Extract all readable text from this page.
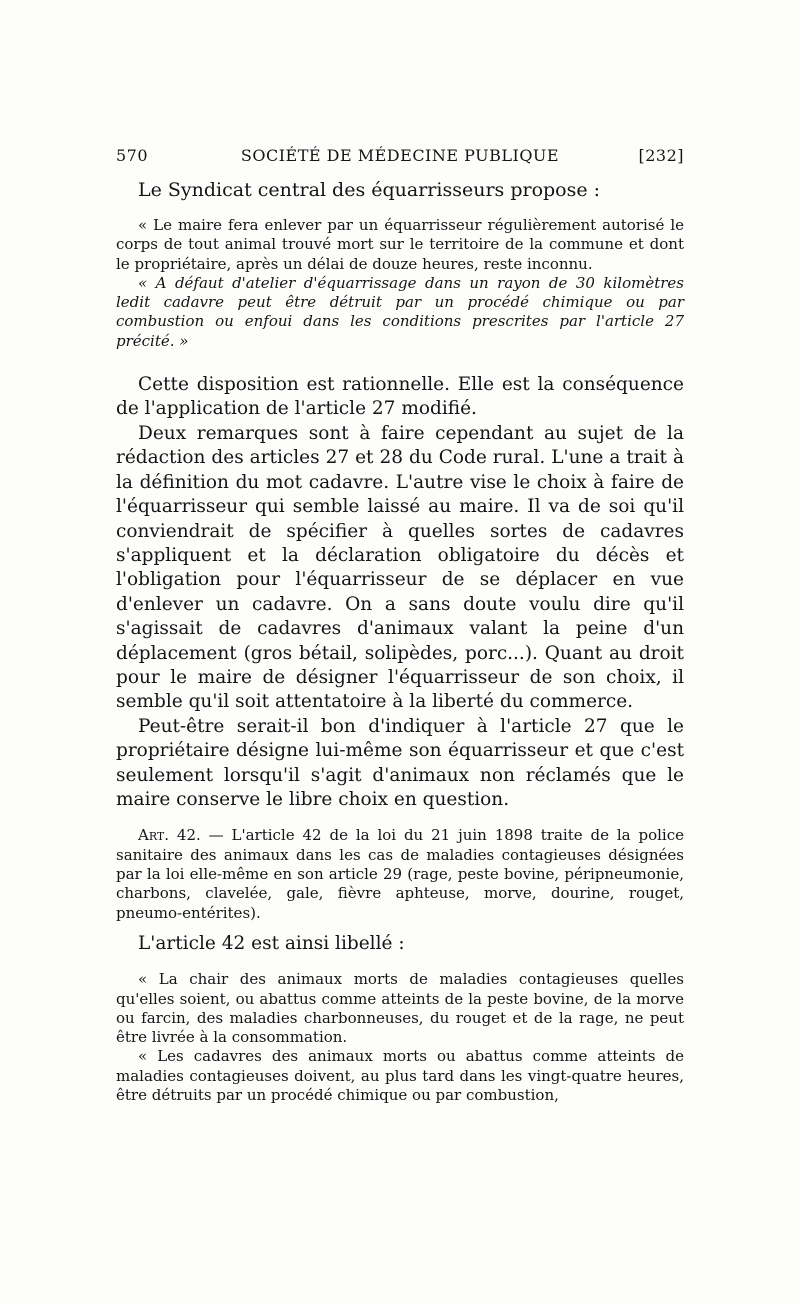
570	SOCIÉTÉ DE MÉDECINE PUBLIQUE	[232]

Le Syndicat central des équarrisseurs propose :

« Le maire fera enlever par un équarrisseur régulièrement autorisé le corps de tout animal trouvé mort sur le territoire de la commune et dont le propriétaire, après un délai de douze heures, reste inconnu.

« A défaut d'atelier d'équarrissage dans un rayon de 30 kilomètres ledit cadavre peut être détruit par un procédé chimique ou par combustion ou enfoui dans les conditions prescrites par l'article 27 précité. »

Cette disposition est rationnelle. Elle est la conséquence de l'application de l'article 27 modifié.

Deux remarques sont à faire cependant au sujet de la rédaction des articles 27 et 28 du Code rural. L'une a trait à la définition du mot cadavre. L'autre vise le choix à faire de l'équarrisseur qui semble laissé au maire. Il va de soi qu'il conviendrait de spécifier à quelles sortes de cadavres s'appliquent et la déclaration obligatoire du décès et l'obligation pour l'équarrisseur de se déplacer en vue d'enlever un cadavre. On a sans doute voulu dire qu'il s'agissait de cadavres d'animaux valant la peine d'un déplacement (gros bétail, solipèdes, porc...). Quant au droit pour le maire de désigner l'équarrisseur de son choix, il semble qu'il soit attentatoire à la liberté du commerce.

Peut-être serait-il bon d'indiquer à l'article 27 que le propriétaire désigne lui-même son équarrisseur et que c'est seulement lorsqu'il s'agit d'animaux non réclamés que le maire conserve le libre choix en question.

Art. 42. — L'article 42 de la loi du 21 juin 1898 traite de la police sanitaire des animaux dans les cas de maladies contagieuses désignées par la loi elle-même en son article 29 (rage, peste bovine, péripneumonie, charbons, clavelée, gale, fièvre aphteuse, morve, dourine, rouget, pneumo-entérites).

L'article 42 est ainsi libellé :

« La chair des animaux morts de maladies contagieuses quelles qu'elles soient, ou abattus comme atteints de la peste bovine, de la morve ou farcin, des maladies charbonneuses, du rouget et de la rage, ne peut être livrée à la consommation.

« Les cadavres des animaux morts ou abattus comme atteints de maladies contagieuses doivent, au plus tard dans les vingt-quatre heures, être détruits par un procédé chimique ou par combustion,
